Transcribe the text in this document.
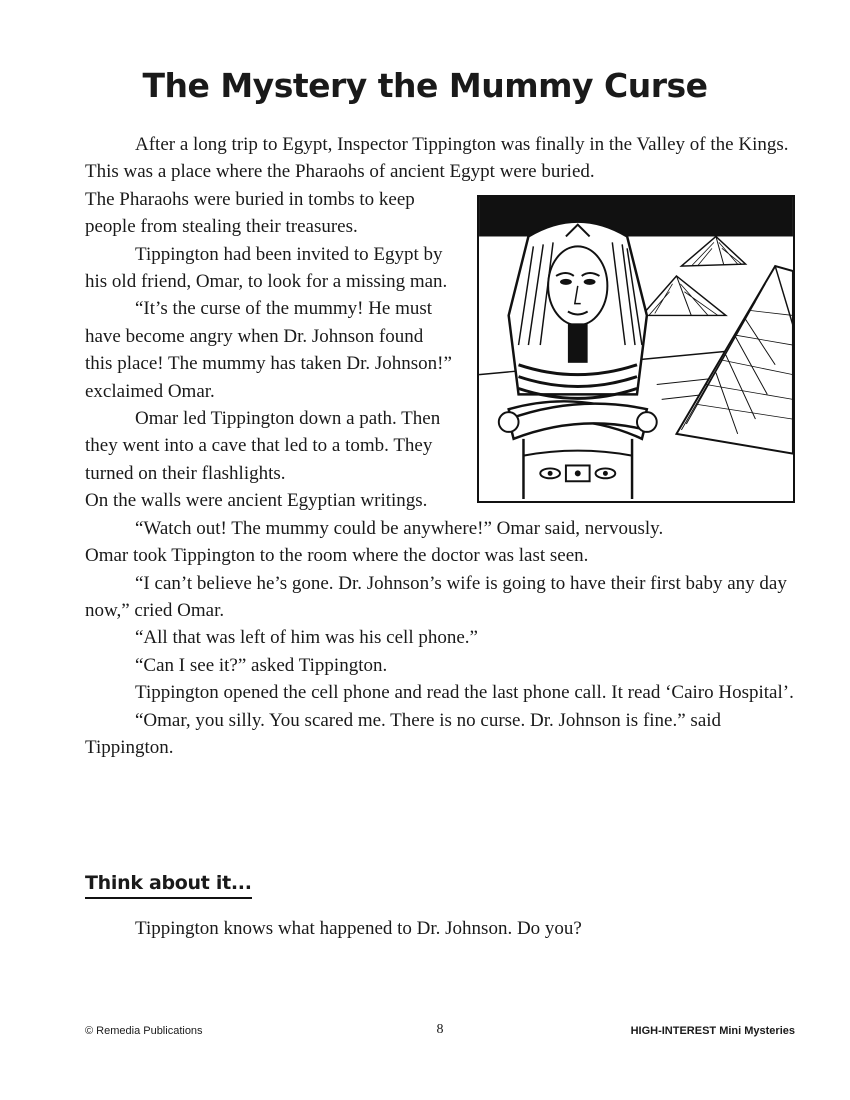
The Mystery the Mummy Curse

After a long trip to Egypt, Inspector Tippington was finally in the Valley of the Kings. This was a place where the Pharaohs of ancient Egypt were buried.

The Pharaohs were buried in tombs to keep people from stealing their treasures.

Tippington had been invited to Egypt by his old friend, Omar, to look for a missing man.

“It’s the curse of the mummy! He must have become angry when Dr. Johnson found this place! The mummy has taken Dr. Johnson!” exclaimed Omar.

Omar led Tippington down a path. Then they went into a cave that led to a tomb. They turned on their flashlights.

On the walls were ancient Egyptian writings.

“Watch out! The mummy could be anywhere!” Omar said, nervously.

Omar took Tippington to the room where the doctor was last seen.

“I can’t believe he’s gone. Dr. Johnson’s wife is going to have their first baby any day now,” cried Omar.

“All that was left of him was his cell phone.”

“Can I see it?” asked Tippington.

Tippington opened the cell phone and read the last phone call. It read ‘Cairo Hospital’.

“Omar, you silly. You scared me. There is no curse. Dr. Johnson is fine.” said Tippington.

Think about it...
Tippington knows what happened to Dr. Johnson. Do you?
© Remedia Publications	8	HIGH-INTEREST Mini Mysteries
